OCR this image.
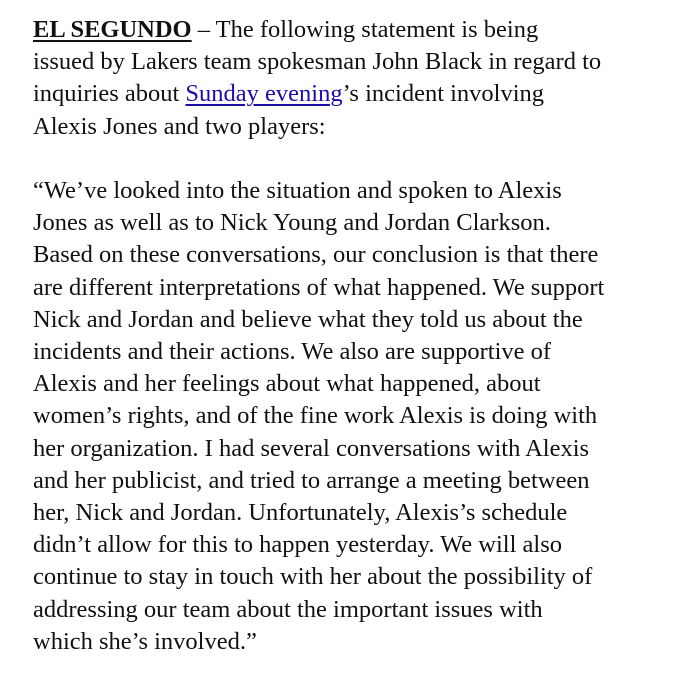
EL SEGUNDO – The following statement is being
issued by Lakers team spokesman John Black in regard to
inquiries about Sunday evening’s incident involving
Alexis Jones and two players:

“We’ve looked into the situation and spoken to Alexis
Jones as well as to Nick Young and Jordan Clarkson.
Based on these conversations, our conclusion is that there
are different interpretations of what happened. We support
Nick and Jordan and believe what they told us about the
incidents and their actions. We also are supportive of
Alexis and her feelings about what happened, about
women’s rights, and of the fine work Alexis is doing with
her organization. I had several conversations with Alexis
and her publicist, and tried to arrange a meeting between
her, Nick and Jordan. Unfortunately, Alexis’s schedule
didn’t allow for this to happen yesterday. We will also
continue to stay in touch with her about the possibility of
addressing our team about the important issues with
which she’s involved.”
